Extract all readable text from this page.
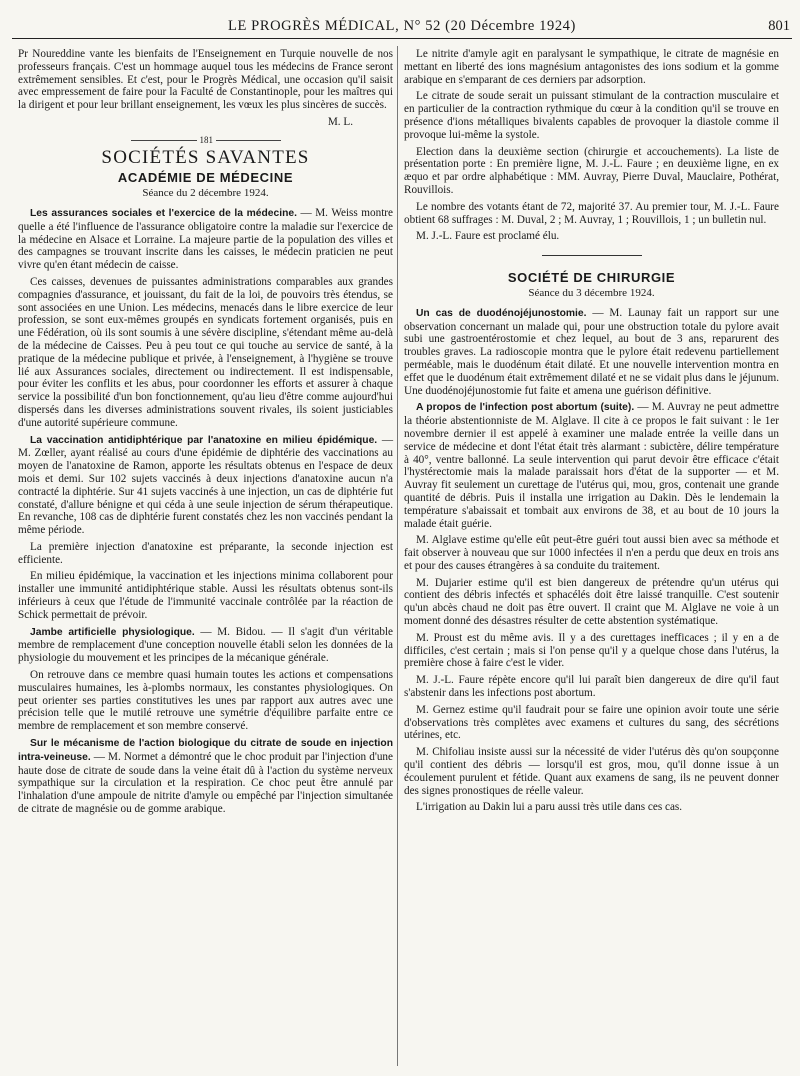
LE PROGRÈS MÉDICAL, N° 52 (20 Décembre 1924)	801

Pr Noureddine vante les bienfaits de l'Enseignement en Turquie nouvelle de nos professeurs français. C'est un hommage auquel tous les médecins de France seront extrêmement sensibles. Et c'est, pour le Progrès Médical, une occasion qu'il saisit avec empressement de faire pour la Faculté de Constantinople, pour les maîtres qui la dirigent et pour leur brillant enseignement, les vœux les plus sincères de succès.

M. L.
181
SOCIÉTÉS SAVANTES
ACADÉMIE DE MÉDECINE
Séance du 2 décembre 1924.

Les assurances sociales et l'exercice de la médecine. — M. Weiss montre quelle a été l'influence de l'assurance obligatoire contre la maladie sur l'exercice de la médecine en Alsace et Lorraine. La majeure partie de la population des villes et des campagnes se trouvant inscrite dans les caisses, le médecin praticien ne peut vivre qu'en étant médecin de caisse.

Ces caisses, devenues de puissantes administrations comparables aux grandes compagnies d'assurance, et jouissant, du fait de la loi, de pouvoirs très étendus, se sont associées en une Union. Les médecins, menacés dans le libre exercice de leur profession, se sont eux-mêmes groupés en syndicats fortement organisés, puis en une Fédération, où ils sont soumis à une sévère discipline, s'étendant même au-delà de la médecine de Caisses. Peu à peu tout ce qui touche au service de santé, à la pratique de la médecine publique et privée, à l'enseignement, à l'hygiène se trouve lié aux Assurances sociales, directement ou indirectement. Il est indispensable, pour éviter les conflits et les abus, pour coordonner les efforts et assurer à chaque service la possibilité d'un bon fonctionnement, qu'au lieu d'être comme aujourd'hui dispersés dans les diverses administrations souvent rivales, ils soient justiciables d'une autorité supérieure commune.

La vaccination antidiphtérique par l'anatoxine en milieu épidémique. — M. Zœller, ayant réalisé au cours d'une épidémie de diphtérie des vaccinations au moyen de l'anatoxine de Ramon, apporte les résultats obtenus en l'espace de deux mois et demi. Sur 102 sujets vaccinés à deux injections d'anatoxine aucun n'a contracté la diphtérie. Sur 41 sujets vaccinés à une injection, un cas de diphtérie fut constaté, d'allure bénigne et qui céda à une seule injection de sérum thérapeutique. En revanche, 108 cas de diphtérie furent constatés chez les non vaccinés pendant la même période.

La première injection d'anatoxine est préparante, la seconde injection est efficiente.

En milieu épidémique, la vaccination et les injections minima collaborent pour installer une immunité antidiphtérique stable. Aussi les résultats obtenus sont-ils inférieurs à ceux que l'étude de l'immunité vaccinale contrôlée par la réaction de Schick permettait de prévoir.

Jambe artificielle physiologique. — M. Bidou. — Il s'agit d'un véritable membre de remplacement d'une conception nouvelle établi selon les données de la physiologie du mouvement et les principes de la mécanique générale.

On retrouve dans ce membre quasi humain toutes les actions et compensations musculaires humaines, les à-plombs normaux, les constantes physiologiques. On peut orienter ses parties constitutives les unes par rapport aux autres avec une précision telle que le mutilé retrouve une symétrie d'équilibre parfaite entre ce membre de remplacement et son membre conservé.

Sur le mécanisme de l'action biologique du citrate de soude en injection intra-veineuse. — M. Normet a démontré que le choc produit par l'injection d'une haute dose de citrate de soude dans la veine était dû à l'action du système nerveux sympathique sur la circulation et la respiration. Ce choc peut être annulé par l'inhalation d'une ampoule de nitrite d'amyle ou empêché par l'injection simultanée de citrate de magnésie ou de gomme arabique.

Le nitrite d'amyle agit en paralysant le sympathique, le citrate de magnésie en mettant en liberté des ions magnésium antagonistes des ions sodium et la gomme arabique en s'emparant de ces derniers par adsorption.

Le citrate de soude serait un puissant stimulant de la contraction musculaire et en particulier de la contraction rythmique du cœur à la condition qu'il se trouve en présence d'ions métalliques bivalents capables de provoquer la diastole comme il provoque lui-même la systole.

Election dans la deuxième section (chirurgie et accouchements). La liste de présentation porte : En première ligne, M. J.-L. Faure ; en deuxième ligne, en ex æquo et par ordre alphabétique : MM. Auvray, Pierre Duval, Mauclaire, Pothérat, Rouvillois.

Le nombre des votants étant de 72, majorité 37. Au premier tour, M. J.-L. Faure obtient 68 suffrages : M. Duval, 2 ; M. Auvray, 1 ; Rouvillois, 1 ; un bulletin nul.

M. J.-L. Faure est proclamé élu.

SOCIÉTÉ DE CHIRURGIE
Séance du 3 décembre 1924.

Un cas de duodénojéjunostomie. — M. Launay fait un rapport sur une observation concernant un malade qui, pour une obstruction totale du pylore avait subi une gastroentérostomie et chez lequel, au bout de 3 ans, reparurent des troubles graves. La radioscopie montra que le pylore était redevenu partiellement perméable, mais le duodénum était dilaté. Et une nouvelle intervention montra en effet que le duodénum était extrêmement dilaté et ne se vidait plus dans le jéjunum. Une duodénojéjunostomie fut faite et amena une guérison définitive.

A propos de l'infection post abortum (suite). — M. Auvray ne peut admettre la théorie abstentionniste de M. Alglave. Il cite à ce propos le fait suivant : le 1er novembre dernier il est appelé à examiner une malade entrée la veille dans un service de médecine et dont l'état était très alarmant : subictère, délire température à 40°, ventre ballonné. La seule intervention qui parut devoir être efficace c'était l'hystérectomie mais la malade paraissait hors d'état de la supporter — et M. Auvray fit seulement un curettage de l'utérus qui, mou, gros, contenait une grande quantité de débris. Puis il installa une irrigation au Dakin. Dès le lendemain la température s'abaissait et tombait aux environs de 38, et au bout de 10 jours la malade était guérie.

M. Alglave estime qu'elle eût peut-être guéri tout aussi bien avec sa méthode et fait observer à nouveau que sur 1000 infectées il n'en a perdu que deux en trois ans et pour des causes étrangères à sa conduite du traitement.

M. Dujarier estime qu'il est bien dangereux de prétendre qu'un utérus qui contient des débris infectés et sphacélés doit être laissé tranquille. C'est soutenir qu'un abcès chaud ne doit pas être ouvert. Il craint que M. Alglave ne voie à un moment donné des désastres résulter de cette abstention systématique.

M. Proust est du même avis. Il y a des curettages inefficaces ; il y en a de difficiles, c'est certain ; mais si l'on pense qu'il y a quelque chose dans l'utérus, la première chose à faire c'est le vider.

M. J.-L. Faure répète encore qu'il lui paraît bien dangereux de dire qu'il faut s'abstenir dans les infections post abortum.

M. Gernez estime qu'il faudrait pour se faire une opinion avoir toute une série d'observations très complètes avec examens et cultures du sang, des sécrétions utérines, etc.

M. Chifoliau insiste aussi sur la nécessité de vider l'utérus dès qu'on soupçonne qu'il contient des débris — lorsqu'il est gros, mou, qu'il donne issue à un écoulement purulent et fétide. Quant aux examens de sang, ils ne peuvent donner des signes pronostiques de réelle valeur.

L'irrigation au Dakin lui a paru aussi très utile dans ces cas.
